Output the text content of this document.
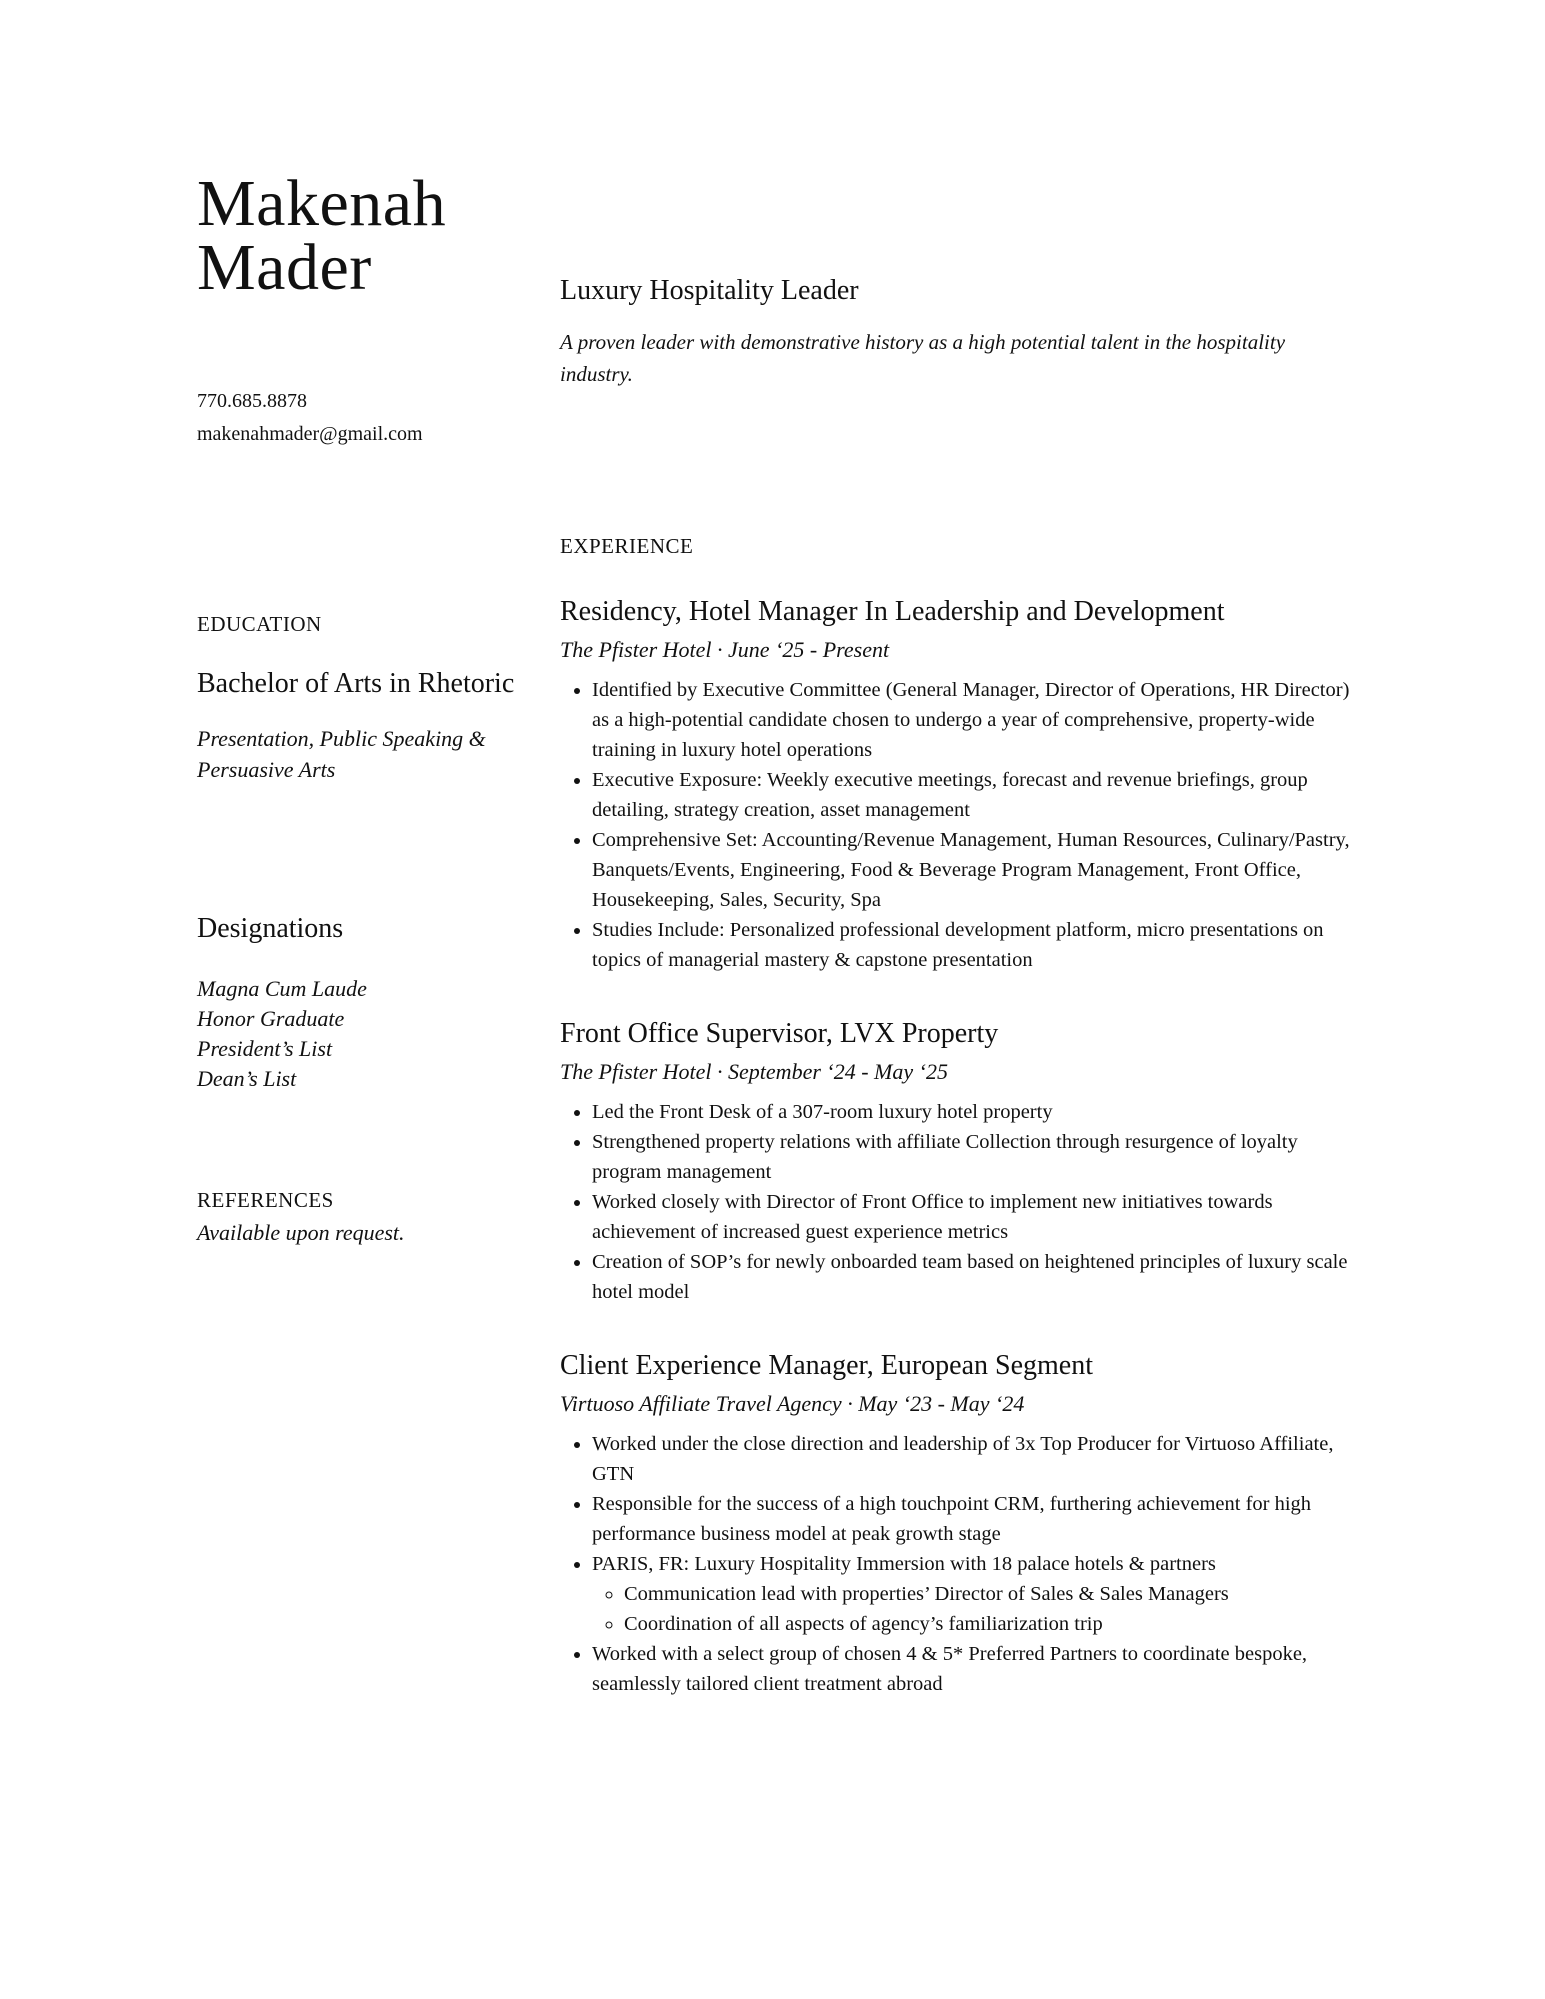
Makenah
Mader
770.685.8878
makenahmader@gmail.com
EDUCATION
Bachelor of Arts in Rhetoric
Presentation, Public Speaking & Persuasive Arts
Designations
Magna Cum Laude
Honor Graduate
President’s List
Dean’s List
REFERENCES
Available upon request.
Luxury Hospitality Leader
A proven leader with demonstrative history as a high potential talent in the hospitality industry.
EXPERIENCE
Residency, Hotel Manager In Leadership and Development
The Pfister Hotel · June ‘25 - Present
• Identified by Executive Committee (General Manager, Director of Operations, HR Director) as a high-potential candidate chosen to undergo a year of comprehensive, property-wide training in luxury hotel operations
• Executive Exposure: Weekly executive meetings, forecast and revenue briefings, group detailing, strategy creation, asset management
• Comprehensive Set: Accounting/Revenue Management, Human Resources, Culinary/Pastry, Banquets/Events, Engineering, Food & Beverage Program Management, Front Office, Housekeeping, Sales, Security, Spa
• Studies Include: Personalized professional development platform, micro presentations on topics of managerial mastery & capstone presentation
Front Office Supervisor, LVX Property
The Pfister Hotel · September ‘24 - May ‘25
• Led the Front Desk of a 307-room luxury hotel property
• Strengthened property relations with affiliate Collection through resurgence of loyalty program management
• Worked closely with Director of Front Office to implement new initiatives towards achievement of increased guest experience metrics
• Creation of SOP’s for newly onboarded team based on heightened principles of luxury scale hotel model
Client Experience Manager, European Segment
Virtuoso Affiliate Travel Agency · May ‘23 - May ‘24
• Worked under the close direction and leadership of 3x Top Producer for Virtuoso Affiliate, GTN
• Responsible for the success of a high touchpoint CRM, furthering achievement for high performance business model at peak growth stage
• PARIS, FR: Luxury Hospitality Immersion with 18 palace hotels & partners
◦ Communication lead with properties’ Director of Sales & Sales Managers
◦ Coordination of all aspects of agency’s familiarization trip
• Worked with a select group of chosen 4 & 5* Preferred Partners to coordinate bespoke, seamlessly tailored client treatment abroad
